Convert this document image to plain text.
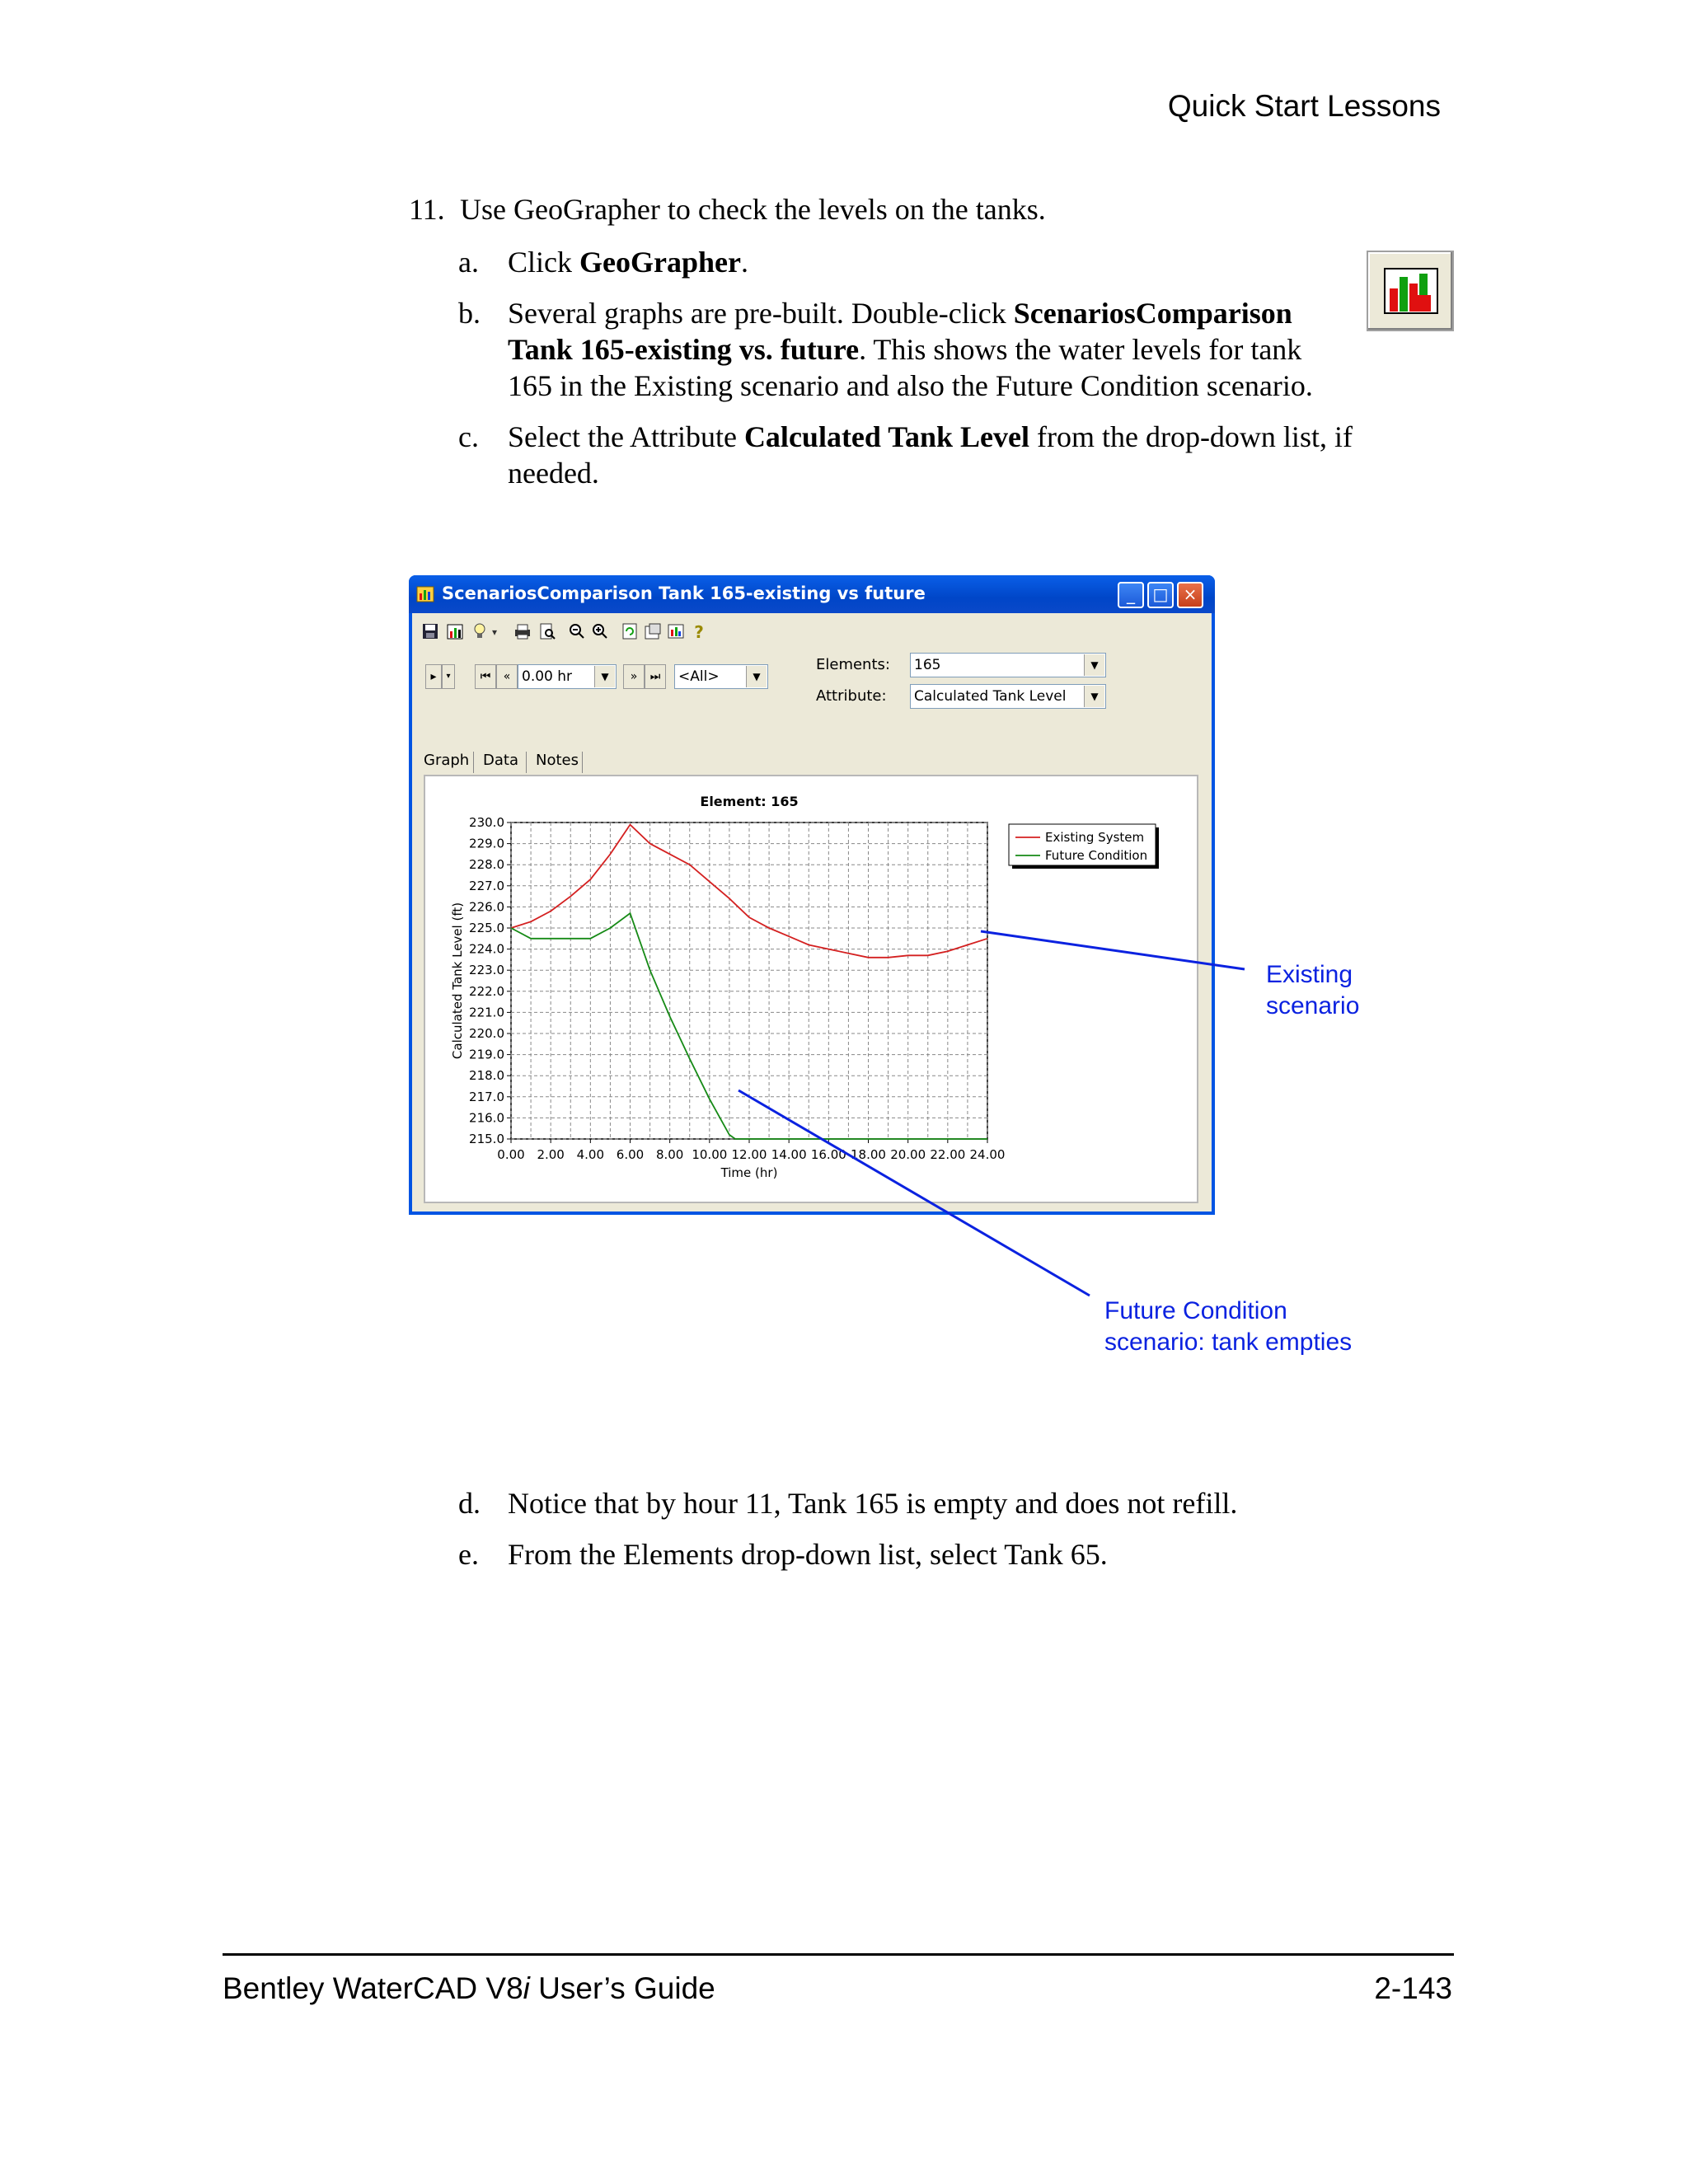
Quick Start Lessons
11. Use GeoGrapher to check the levels on the tanks.
a. Click GeoGrapher.
b. Several graphs are pre-built. Double-click ScenariosComparison
Tank 165-existing vs. future. This shows the water levels for tank
165 in the Existing scenario and also the Future Condition scenario.
c. Select the Attribute Calculated Tank Level from the drop-down list, if
needed.
ScenariosComparison Tank 165-existing vs future	_	□ ×
▾	?
▸	▾	⏮	« 0.00 hr	▼	»	⏭	<All>	▼
Elements: 165	▼
Attribute: Calculated Tank Level	▼
Graph Data	Notes
Element: 165
230.0
229.0
228.0
227.0
226.0
225.0
224.0
223.0
222.0
221.0
220.0
219.0
218.0
217.0
216.0
215.0
0.00 2.00 4.00 6.00 8.00 10.00 12.00 14.00 16.00 18.00 20.00 22.00 24.00
Time (hr)
Calculated Tank Level (ft)
Existing System
Future Condition
Existing
scenario
Future Condition
scenario: tank empties
d. Notice that by hour 11, Tank 165 is empty and does not refill.
e. From the Elements drop-down list, select Tank 65.
Bentley WaterCAD V8i User’s Guide	2-143
